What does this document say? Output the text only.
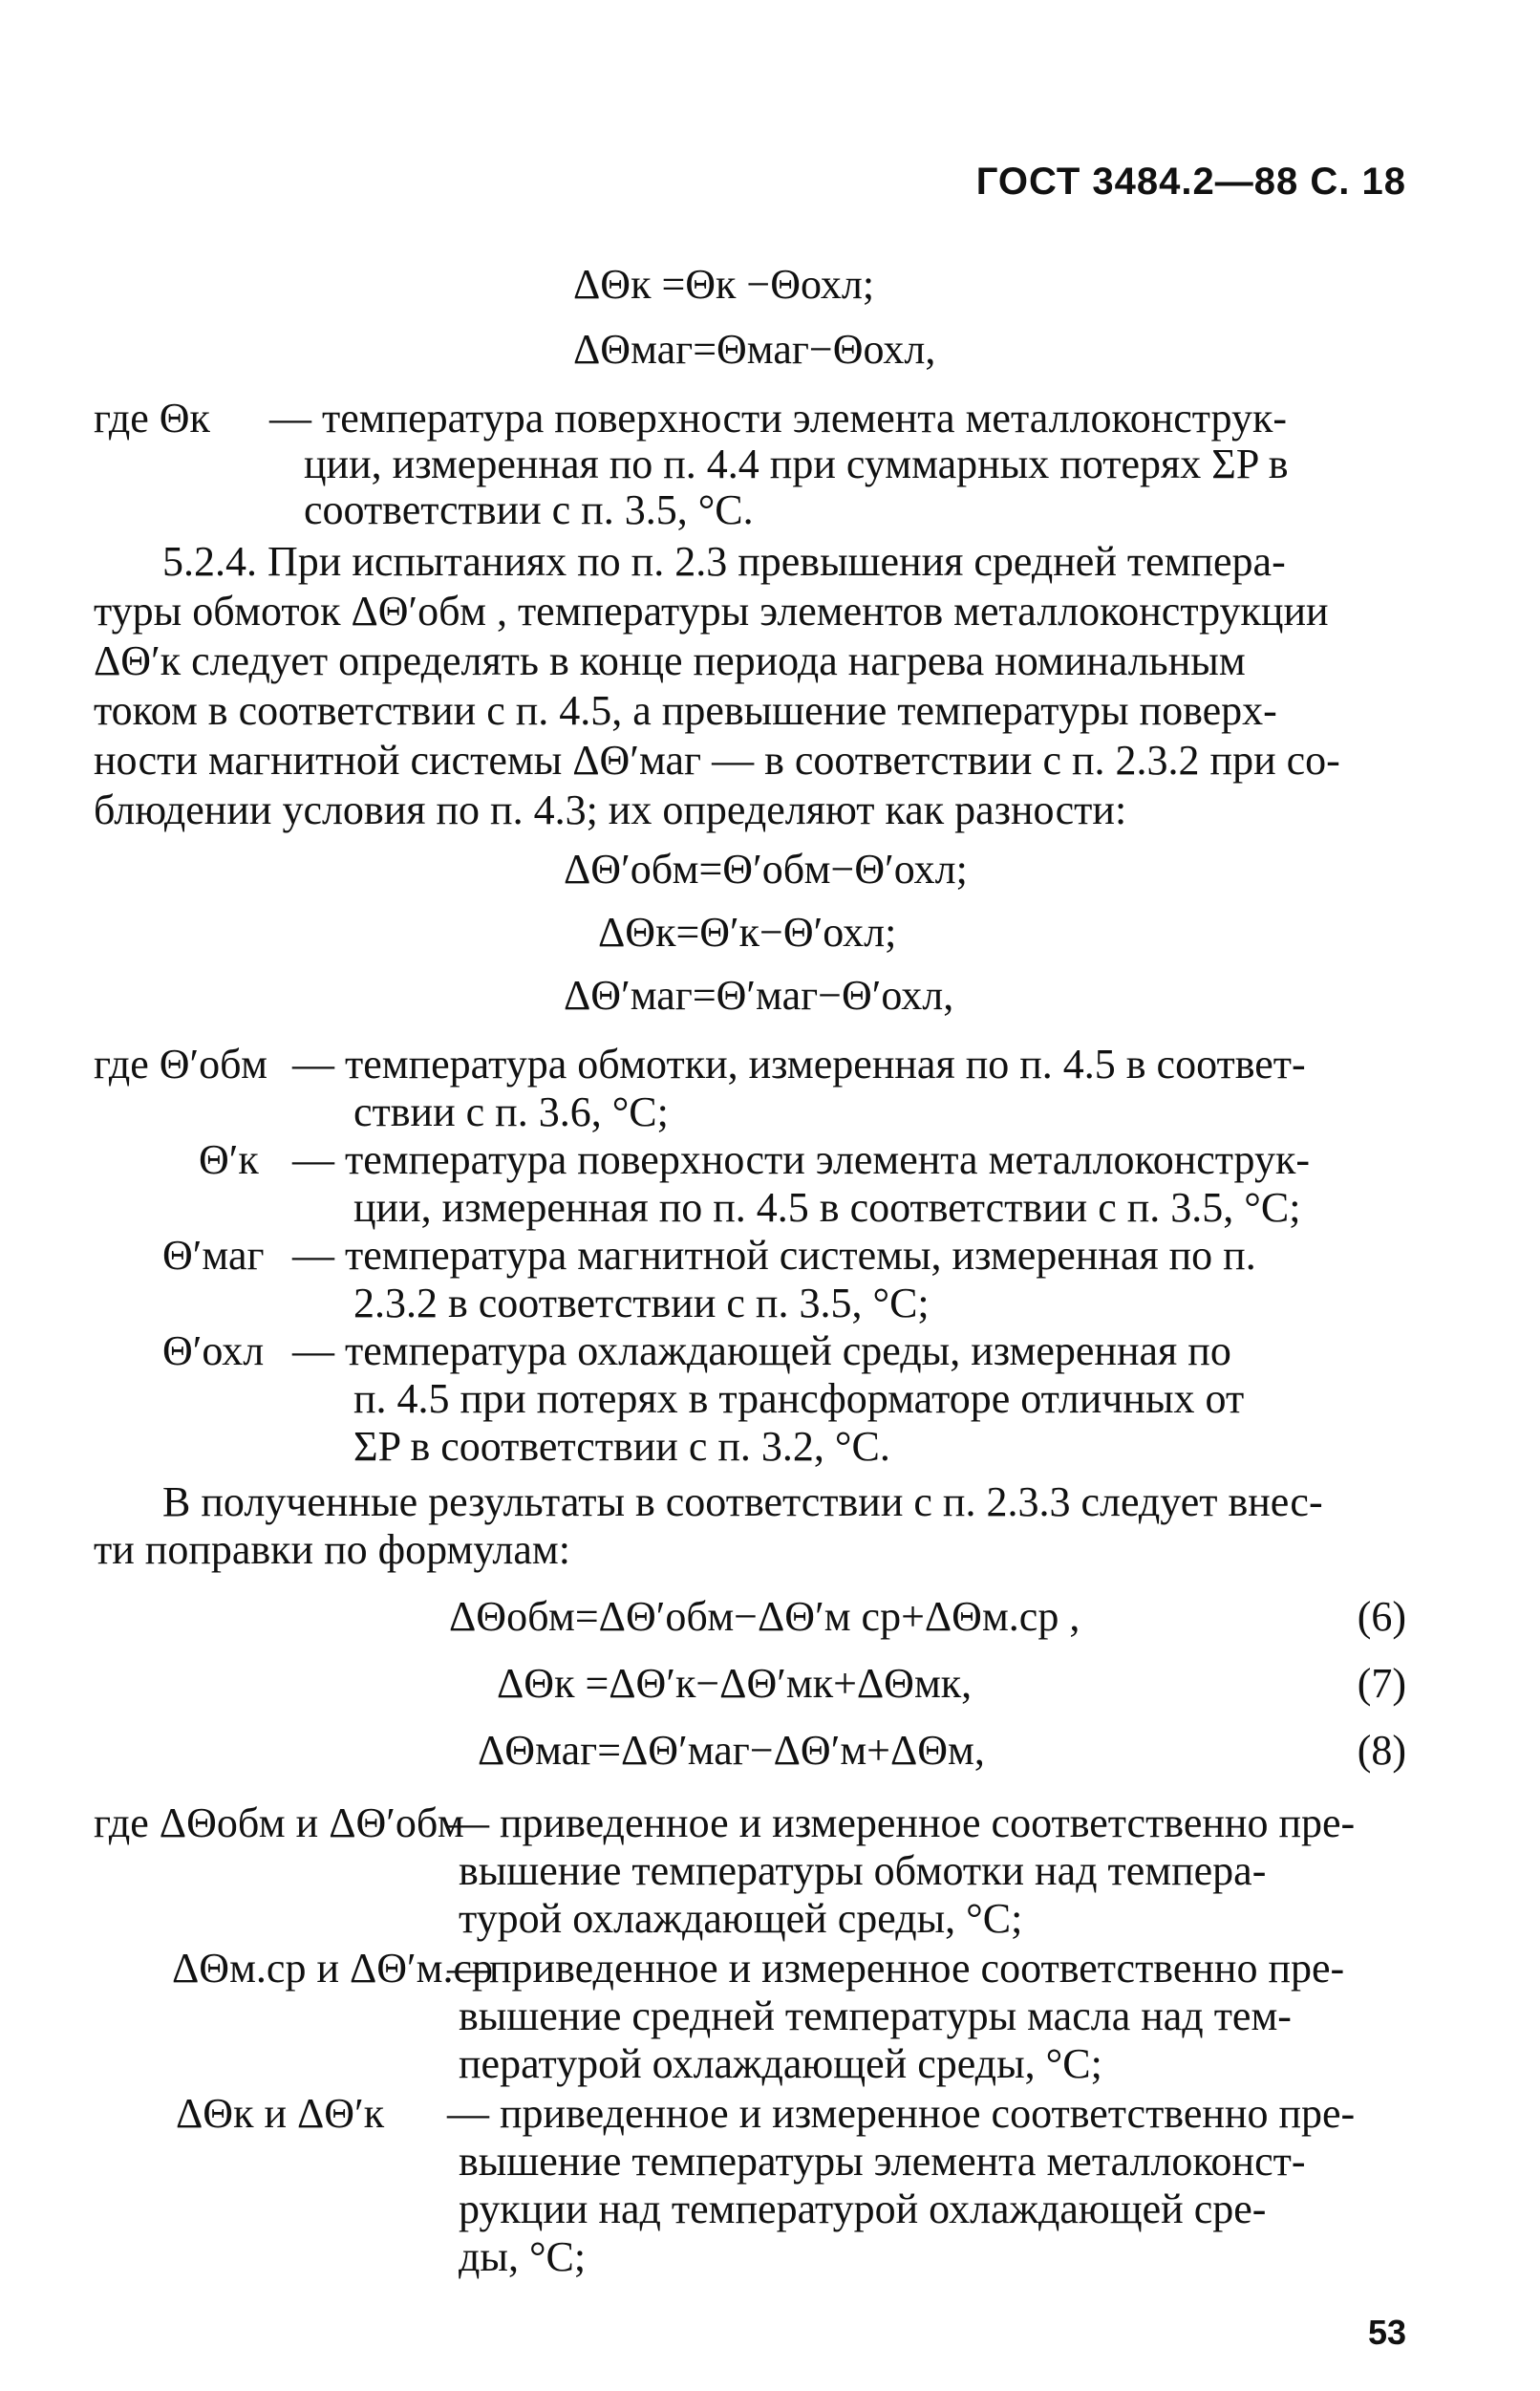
ГОСТ 3484.2—88 С. 18
ΔΘк =Θк −Θохл;
ΔΘмаг=Θмаг−Θохл,
где Θк — температура поверхности элемента металлоконструк-
ции, измеренная по п. 4.4 при суммарных потерях ΣP в
соответствии с п. 3.5, °С.
5.2.4. При испытаниях по п. 2.3 превышения средней темпера-
туры обмоток ΔΘ′обм , температуры элементов металлоконструкции
ΔΘ′к следует определять в конце периода нагрева номинальным
током в соответствии с п. 4.5, а превышение температуры поверх-
ности магнитной системы ΔΘ′маг — в соответствии с п. 2.3.2 при со-
блюдении условия по п. 4.3; их определяют как разности:
ΔΘ′обм=Θ′обм−Θ′охл;
ΔΘк=Θ′к−Θ′охл;
ΔΘ′маг=Θ′маг−Θ′охл,
где Θ′обм — температура обмотки, измеренная по п. 4.5 в соответ-
ствии с п. 3.6, °С;
Θ′к — температура поверхности элемента металлоконструк-
ции, измеренная по п. 4.5 в соответствии с п. 3.5, °С;
Θ′маг — температура магнитной системы, измеренная по п.
2.3.2 в соответствии с п. 3.5, °С;
Θ′охл — температура охлаждающей среды, измеренная по
п. 4.5 при потерях в трансформаторе отличных от
ΣP в соответствии с п. 3.2, °С.
В полученные результаты в соответствии с п. 2.3.3 следует внес-
ти поправки по формулам:
ΔΘобм=ΔΘ′обм−ΔΘ′м ср+ΔΘм.ср ,	(6)
ΔΘк =ΔΘ′к−ΔΘ′мк+ΔΘмк,	(7)
ΔΘмаг=ΔΘ′маг−ΔΘ′м+ΔΘм,	(8)
где ΔΘобм и ΔΘ′обм
— приведенное и измеренное соответственно пре-
вышение температуры обмотки над темпера-
турой охлаждающей среды, °С;
ΔΘм.ср и ΔΘ′м.ср
—приведенное и измеренное соответственно пре-
вышение средней температуры масла над тем-
пературой охлаждающей среды, °С;
ΔΘк и ΔΘ′к — приведенное и измеренное соответственно пре-
вышение температуры элемента металлоконст-
рукции над температурой охлаждающей сре-
ды, °С;
53
